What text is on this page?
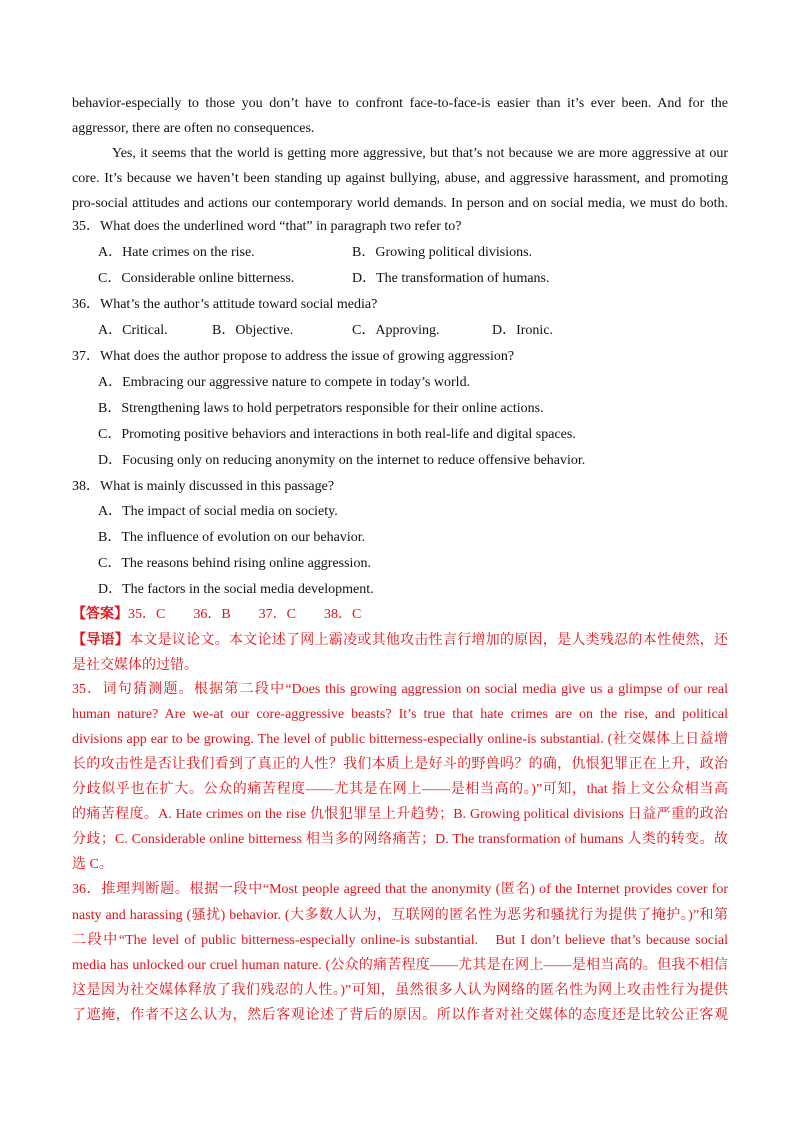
behavior-especially to those you don’t have to confront face-to-face-is easier than it’s ever been. And for the
aggressor, there are often no consequences.
Yes, it seems that the world is getting more aggressive, but that’s not because we are more aggressive at our
core. It’s because we haven’t been standing up against bullying, abuse, and aggressive harassment, and promoting
pro-social attitudes and actions our contemporary world demands. In person and on social media, we must do both.
35．What does the underlined word “that” in paragraph two refer to?
A．Hate crimes on the rise.	B．Growing political divisions.
C．Considerable online bitterness.	D．The transformation of humans.
36．What’s the author’s attitude toward social media?
A．Critical.	B．Objective.	C．Approving.	D．Ironic.
37．What does the author propose to address the issue of growing aggression?
A．Embracing our aggressive nature to compete in today’s world.
B．Strengthening laws to hold perpetrators responsible for their online actions.
C．Promoting positive behaviors and interactions in both real-life and digital spaces.
D．Focusing only on reducing anonymity on the internet to reduce offensive behavior.
38．What is mainly discussed in this passage?
A．The impact of social media on society.
B．The influence of evolution on our behavior.
C．The reasons behind rising online aggression.
D．The factors in the social media development.
【答案】35．C　　36．B　　37．C　　38．C
【导语】本文是议论文。本文论述了网上霸凌或其他攻击性言行增加的原因，是人类残忍的本性使然，还
是社交媒体的过错。
35．词句猜测题。根据第二段中“Does this growing aggression on social media give us a glimpse of our real
human nature? Are we-at our core-aggressive beasts? It’s true that hate crimes are on the rise, and political
divisions app ear to be growing. The level of public bitterness-especially online-is substantial. (社交媒体上日益增
长的攻击性是否让我们看到了真正的人性？我们本质上是好斗的野兽吗？的确，仇恨犯罪正在上升，政治
分歧似乎也在扩大。公众的痛苦程度——尤其是在网上——是相当高的。)”可知，that 指上文公众相当高
的痛苦程度。A. Hate crimes on the rise 仇恨犯罪呈上升趋势；B. Growing political divisions 日益严重的政治
分歧；C. Considerable online bitterness 相当多的网络痛苦；D. The transformation of humans 人类的转变。故
选 C。
36．推理判断题。根据一段中“Most people agreed that the anonymity (匿名) of the Internet provides cover for
nasty and harassing (骚扰) behavior. (大多数人认为，互联网的匿名性为恶劣和骚扰行为提供了掩护。)”和第
二段中“The level of public bitterness-especially online-is substantial.　But I don’t believe that’s because social
media has unlocked our cruel human nature. (公众的痛苦程度——尤其是在网上——是相当高的。但我不相信
这是因为社交媒体释放了我们残忍的人性。)”可知，虽然很多人认为网络的匿名性为网上攻击性行为提供
了遮掩，作者不这么认为，然后客观论述了背后的原因。所以作者对社交媒体的态度还是比较公正客观
